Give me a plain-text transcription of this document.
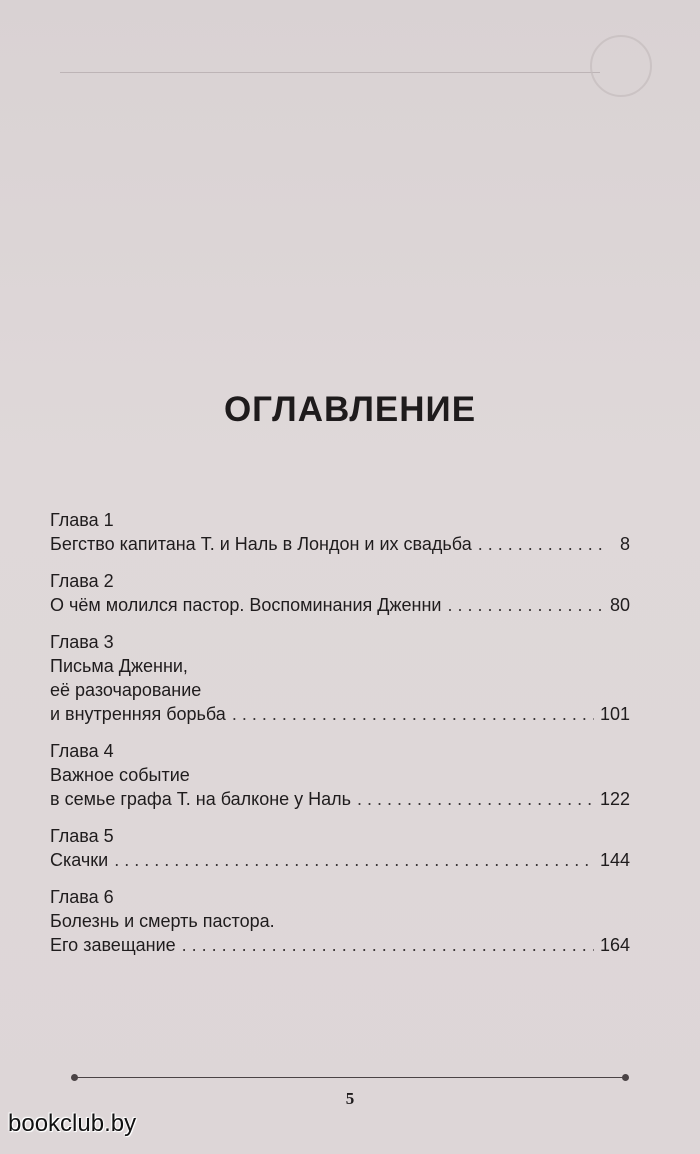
ОГЛАВЛЕНИЕ
Глава 1
Бегство капитана Т. и Наль в Лондон и их свадьба . . .	8
Глава 2
О чём молился пастор. Воспоминания Дженни . . .	80
Глава 3
Письма Дженни,
её разочарование
и внутренняя борьба . . .	101
Глава 4
Важное событие
в семье графа Т. на балконе у Наль . . .	122
Глава 5
Скачки . . .	144
Глава 6
Болезнь и смерть пастора.
Его завещание . . .	164
5
bookclub.by
